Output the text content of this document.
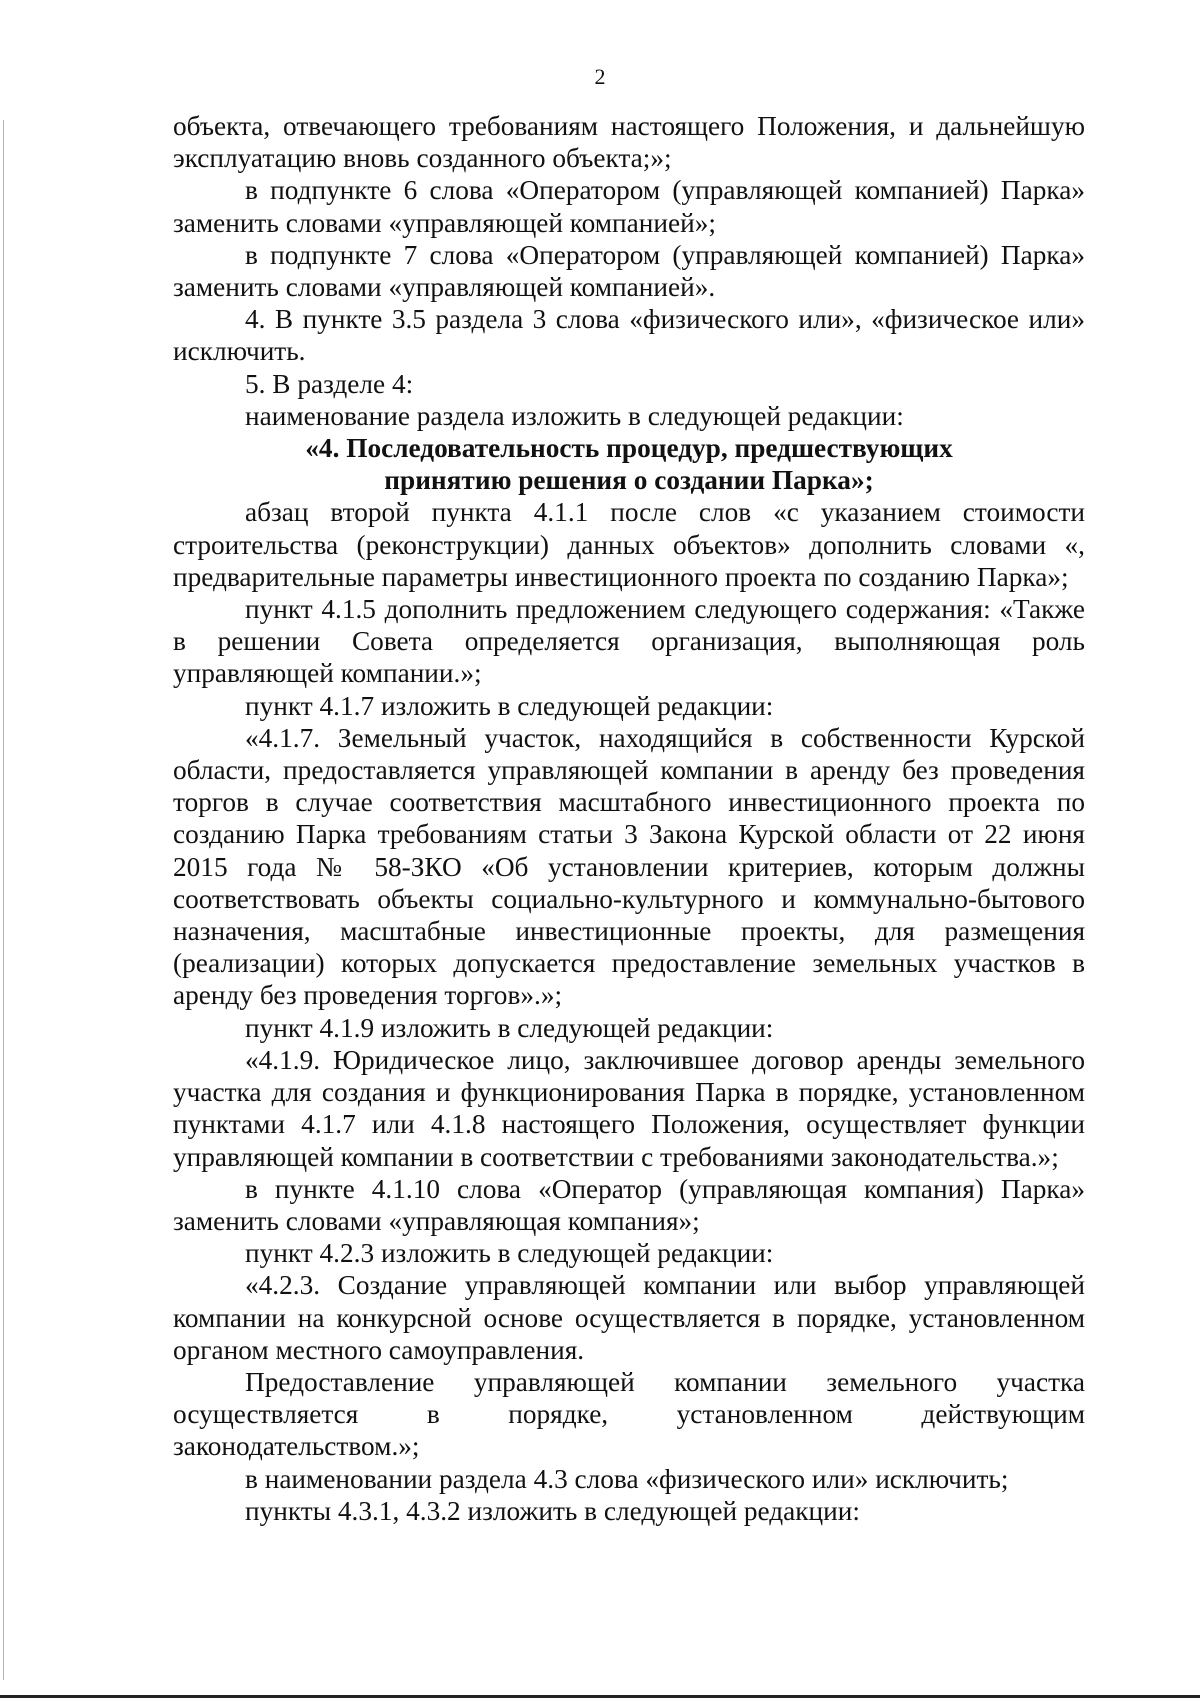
2

объекта, отвечающего требованиям настоящего Положения, и дальнейшую эксплуатацию вновь созданного объекта;»;

в подпункте 6 слова «Оператором (управляющей компанией) Парка» заменить словами «управляющей компанией»;

в подпункте 7 слова «Оператором (управляющей компанией) Парка» заменить словами «управляющей компанией».

4. В пункте 3.5 раздела 3 слова «физического или», «физическое или» исключить.

5. В разделе 4:

наименование раздела изложить в следующей редакции:

«4. Последовательность процедур, предшествующих

принятию решения о создании Парка»;

абзац второй пункта 4.1.1 после слов «с указанием стоимости строительства (реконструкции) данных объектов» дополнить словами «, предварительные параметры инвестиционного проекта по созданию Парка»;

пункт 4.1.5 дополнить предложением следующего содержания: «Также в решении Совета определяется организация, выполняющая роль управляющей компании.»;

пункт 4.1.7 изложить в следующей редакции:

«4.1.7. Земельный участок, находящийся в собственности Курской области, предоставляется управляющей компании в аренду без проведения торгов в случае соответствия масштабного инвестиционного проекта по созданию Парка требованиям статьи 3 Закона Курской области от 22 июня 2015 года № 58-ЗКО «Об установлении критериев, которым должны соответствовать объекты социально-культурного и коммунально-бытового назначения, масштабные инвестиционные проекты, для размещения (реализации) которых допускается предоставление земельных участков в аренду без проведения торгов».»;

пункт 4.1.9 изложить в следующей редакции:

«4.1.9. Юридическое лицо, заключившее договор аренды земельного участка для создания и функционирования Парка в порядке, установленном пунктами 4.1.7 или 4.1.8 настоящего Положения, осуществляет функции управляющей компании в соответствии с требованиями законодательства.»;

в пункте 4.1.10 слова «Оператор (управляющая компания) Парка» заменить словами «управляющая компания»;

пункт 4.2.3 изложить в следующей редакции:

«4.2.3. Создание управляющей компании или выбор управляющей компании на конкурсной основе осуществляется в порядке, установленном органом местного самоуправления.

Предоставление управляющей компании земельного участка осуществляется в порядке, установленном действующим законодательством.»;

в наименовании раздела 4.3 слова «физического или» исключить;

пункты 4.3.1, 4.3.2 изложить в следующей редакции:
